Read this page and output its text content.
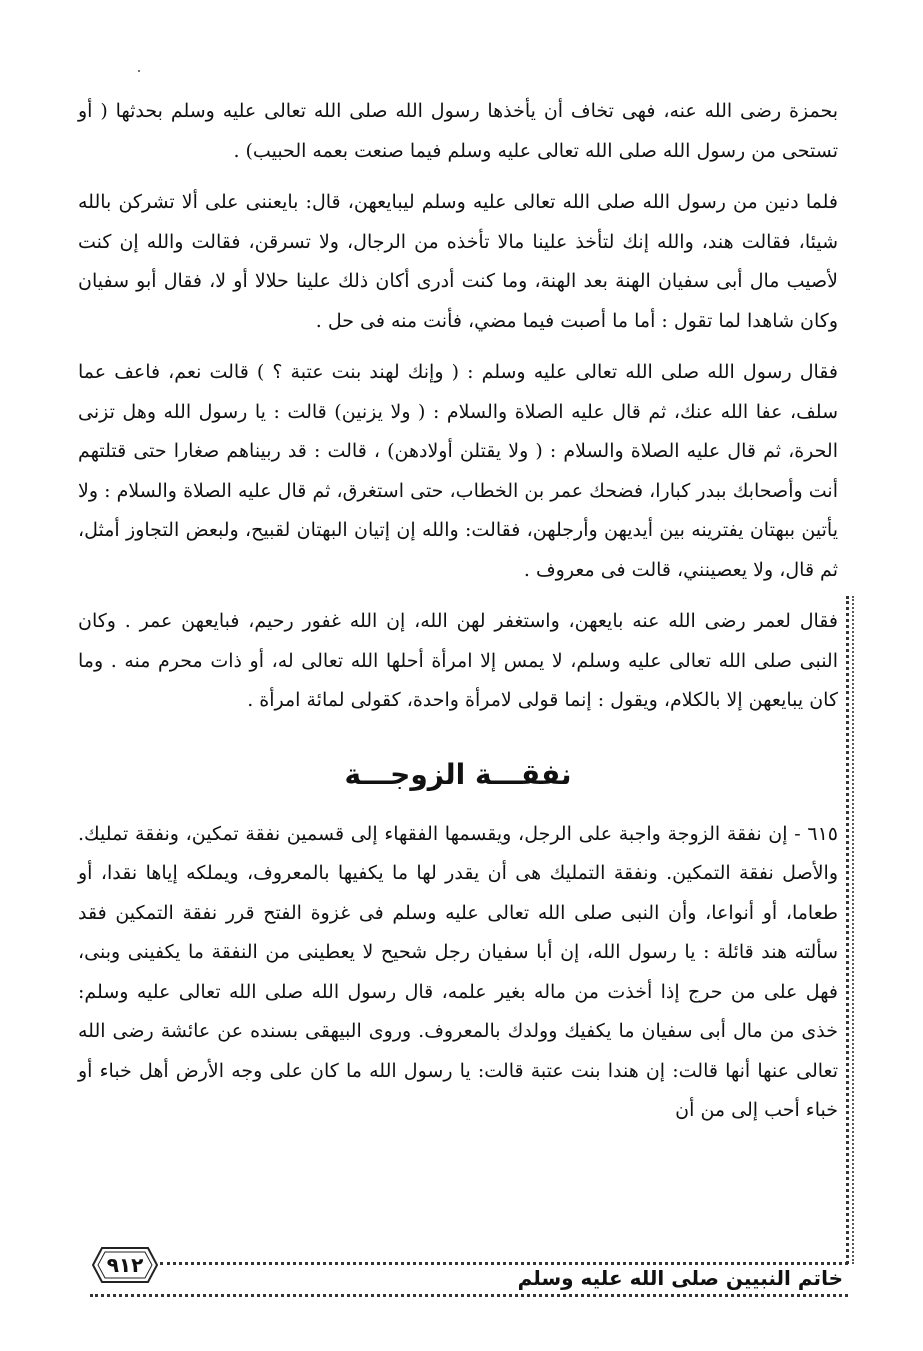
بحمزة رضى الله عنه، فهى تخاف أن يأخذها رسول الله صلى الله تعالى عليه وسلم بحدثها ( أو تستحى من رسول الله صلى الله تعالى عليه وسلم فيما صنعت بعمه الحبيب) .

فلما دنين من رسول الله صلى الله تعالى عليه وسلم ليبايعهن، قال: بايعننى على ألا تشركن بالله شيئا، فقالت هند، والله إنك لتأخذ علينا مالا تأخذه من الرجال، ولا تسرقن، فقالت والله إن كنت لأصيب مال أبى سفيان الهنة بعد الهنة، وما كنت أدرى أكان ذلك علينا حلالا أو لا، فقال أبو سفيان وكان شاهدا لما تقول : أما ما أصبت فيما مضي، فأنت منه فى حل .

فقال رسول الله صلى الله تعالى عليه وسلم : ( وإنك لهند بنت عتبة ؟ ) قالت نعم، فاعف عما سلف، عفا الله عنك، ثم قال عليه الصلاة والسلام : ( ولا يزنين) قالت : يا رسول الله وهل تزنى الحرة، ثم قال عليه الصلاة والسلام : ( ولا يقتلن أولادهن) ، قالت : قد ربيناهم صغارا حتى قتلتهم أنت وأصحابك ببدر كبارا، فضحك عمر بن الخطاب، حتى استغرق، ثم قال عليه الصلاة والسلام : ولا يأتين ببهتان يفترينه بين أيديهن وأرجلهن، فقالت: والله إن إتيان البهتان لقبيح، ولبعض التجاوز أمثل، ثم قال، ولا يعصينني، قالت فى معروف .

فقال لعمر رضى الله عنه بايعهن، واستغفر لهن الله، إن الله غفور رحيم، فبايعهن عمر . وكان النبى صلى الله تعالى عليه وسلم، لا يمس إلا امرأة أحلها الله تعالى له، أو ذات محرم منه . وما كان يبايعهن إلا بالكلام، ويقول : إنما قولى لامرأة واحدة، كقولى لمائة امرأة .

نفقـــة الزوجـــة

٦١٥ - إن نفقة الزوجة واجبة على الرجل، ويقسمها الفقهاء إلى قسمين نفقة تمكين، ونفقة تمليك. والأصل نفقة التمكين. ونفقة التمليك هى أن يقدر لها ما يكفيها بالمعروف، ويملكه إياها نقدا، أو طعاما، أو أنواعا، وأن النبى صلى الله تعالى عليه وسلم فى غزوة الفتح قرر نفقة التمكين فقد سألته هند قائلة : يا رسول الله، إن أبا سفيان رجل شحيح لا يعطينى من النفقة ما يكفينى وبنى، فهل على من حرج إذا أخذت من ماله بغير علمه، قال رسول الله صلى الله تعالى عليه وسلم: خذى من مال أبى سفيان ما يكفيك وولدك بالمعروف. وروى البيهقى بسنده عن عائشة رضى الله تعالى عنها أنها قالت: إن هندا بنت عتبة قالت: يا رسول الله ما كان على وجه الأرض أهل خباء أو خباء أحب إلى من أن

٩١٢
خاتم النبيين صلى الله عليه وسلم
